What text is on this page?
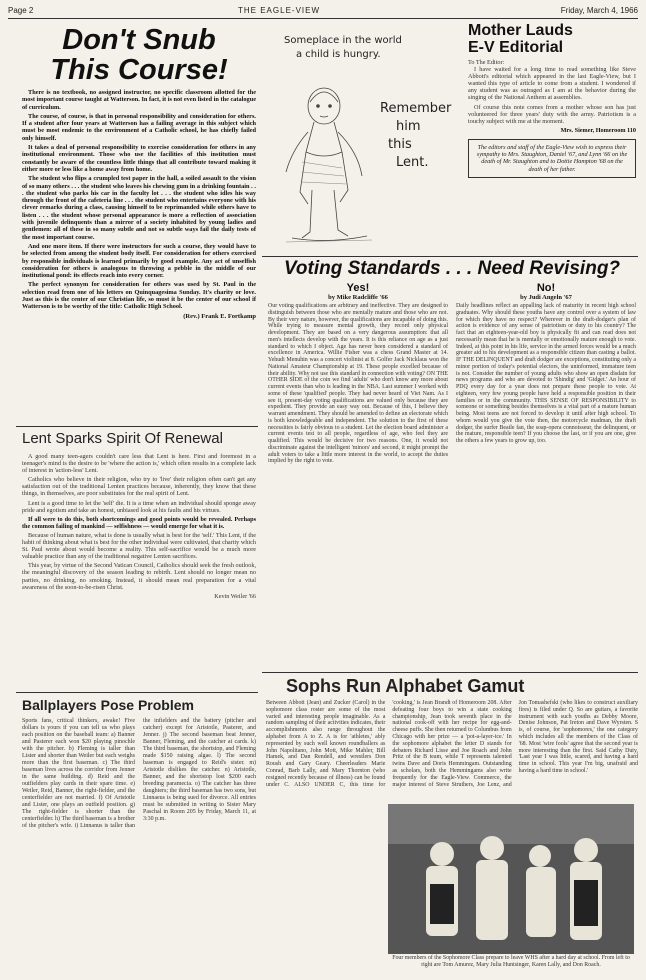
Page 2	THE EAGLE-VIEW	Friday, March 4, 1966
Don't Snub
This Course!

There is no textbook, no assigned instructor, no specific classroom allotted for the most important course taught at Watterson. In fact, it is not even listed in the catalogue of curriculum.

The course, of course, is that in personal responsibility and consideration for others. If a student after four years at Watterson has a failing average in this subject which must be most endemic to the environment of a Catholic school, he has chiefly failed only himself.

It takes a deal of personal responsibility to exercise consideration for others in any institutional environment. Those who use the facilities of this institution must constantly be aware of the countless little things that all contribute toward making it either more or less like a home away from home.

The student who flips a crumpled test paper in the hall, a soiled assault to the vision of so many others . . . the student who leaves his chewing gum in a drinking fountain . . . the student who parks his car in the faculty lot . . . the student who idles his way through the front of the cafeteria line . . . the student who entertains everyone with his clever remarks during a class, causing himself to be reprimanded while others have to listen . . . the student whose personal appearance is more a reflection of association with juvenile delinquents than a mirror of a society inhabited by young ladies and gentlemen: all of these in so many subtle and not so subtle ways fail the daily tests of the most important course.

And one more item. If there were instructors for such a course, they would have to be selected from among the student body itself. For consideration for others exercised by responsible individuals is learned primarily by good example. Any act of unselfish consideration for others is analogous to throwing a pebble in the middle of our institutional pond: its effects reach into every corner.

The perfect synonym for consideration for others was used by St. Paul in the selection read from one of his letters on Quinquagesima Sunday. It's charity or love. Just as this is the center of our Christian life, so must it be the center of our school if Watterson is to be worthy of the title: Catholic High School.

(Rev.) Frank E. Fortkamp
Someplace in the world
a child is hungry.
Remember
him
this
Lent.
Mother Lauds
E-V Editorial
To The Editor:

I have waited for a long time to read something like Steve Abbott's editorial which appeared in the last Eagle-View, but I wanted this type of article to come from a student. I wondered if any student was as outraged as I am at the behavior during the singing of the National Anthem at assemblies.

Of course this note comes from a mother whose son has just volunteered for three years' duty with the army. Patriotism is a touchy subject with me at the moment.

Mrs. Siemer, Homeroom 110
The editors and staff of the Eagle-View wish to express their sympathy to Mrs. Staughton, Daniel '67, and Lynn '66 on the death of Mr. Staughton and to Dottie Hampton '68 on the death of her father.
Voting Standards . . . Need Revising?
Yes!
by Mike Radcliffe '66
Our voting qualifications are arbitrary and ineffective. They are designed to distinguish between those who are mentally mature and those who are not. By their very nature, however, the qualifications are incapable of doing this. While trying to measure mental growth, they record only physical development. They are based on a very dangerous assumption: that all men's intellects develop with the years. It is this reliance on age as a just standard to which I object. Age has never been considered a standard of excellence in America. Willie Fisher was a chess Grand Master at 14. Yehudi Menuhin was a concert violinist at 8. Golfer Jack Nicklaus won the National Amateur Championship at 19. These people excelled because of their ability. Why not use this standard in connection with voting? ON THE OTHER SIDE of the coin we find 'adults' who don't know any more about current events than who is leading in the NBA. Last summer I worked with some of these 'qualified' people. They had never heard of Viet Nam. As I see it, present-day voting qualifications are valued only because they are expedient. They provide an easy way out. Because of this, I believe they warrant amendment. They should be amended to define an electorate which is both knowledgeable and independent. The solution to the first of these necessities is fairly obvious to a student. Let the election board administer a current events test to all people, regardless of age, who feel they are qualified. This would be decisive for two reasons. One, it would not discriminate against the intelligent 'minors' and second, it might prompt the adult voters to take a little more interest in the world, to accept the duties implied by the right to vote.
No!
by Judi Angeln '67
Daily headlines reflect an appalling lack of maturity in recent high school graduates. Why should these youths have any control over a system of law for which they have no respect? Wherever in the draft-dodger's plan of action is evidence of any sense of patriotism or duty to his country? The fact that an eighteen-year-old boy is physically fit and can read does not necessarily mean that he is mentally or emotionally mature enough to vote. Indeed, at this point in his life, service in the armed forces would be a much greater aid to his development as a responsible citizen than casting a ballot. IF THE DELINQUENT and draft dodger are exceptions, constituting only a minor portion of today's potential electors, the uninformed, immature teen is not. Consider the number of young adults who show an open disdain for news programs and who are devoted to 'Shindig' and 'Gidget.' An hour of PDQ every day for a year does not prepare these people to vote. At eighteen, very few young people have held a responsible position in their families or in the community. THIS SENSE OF RESPONSIBILITY to someone or something besides themselves is a vital part of a mature human being. Most teens are not forced to develop it until after high school. To whom would you give the vote then, the motorcycle madman, the draft dodger, the surfer Beatle fan, the soap-opera connoisseur, the delinquent, or the mature, responsible teen? If you choose the last, or if you are one, give the others a few years to grow up, too.
Lent Sparks Spirit Of Renewal

A good many teen-agers couldn't care less that Lent is here. First and foremost in a teenager's mind is the desire to be 'where the action is,' which often results in a complete lack of interest in 'action-less' Lent.

Catholics who believe in their religion, who try to 'live' their religion often can't get any satisfaction out of the traditional Lenten practices because, inherently, they know that these things, in themselves, are poor substitutes for the real spirit of Lent.

Lent is a good time to let the 'self' die. It is a time when an individual should sponge away pride and egotism and take an honest, unbiased look at his faults and his virtues.

If all were to do this, both shortcomings and good points would be revealed. Perhaps the common failing of mankind — selfishness — would emerge for what it is.

Because of human nature, what is done is usually what is best for the 'self.' This Lent, if the habit of thinking about what is best for the other individual were cultivated, that charity which St. Paul wrote about would become a reality. This self-sacrifice would be a much more valuable practice than any of the traditional negative Lenten sacrifices.

This year, by virtue of the Second Vatican Council, Catholics should seek the fresh outlook, the meaningful discovery of the season leading to rebirth. Lent should no longer mean no parties, no drinking, no smoking. Instead, it should mean real preparation for a vital awareness of the soon-to-be-risen Christ.

Kevin Weiler '66
Ballplayers Pose Problem
Sports fans, critical thinkers, awake! Five dollars is yours if you can tell us who plays each position on the baseball team: a) Banner and Pasterer each won $20 playing pinochle with the pitcher. b) Fleming is taller than Lister and shorter than Weiler but each weighs more than the first baseman. c) The third baseman lives across the corridor from Jenner in the same building. d) Reid and the outfielders play cards in their spare time. e) Weiler, Reid, Banner, the right-fielder, and the centerfielder are not married. f) Of Aristotle and Lister, one plays an outfield position. g) The right-fielder is shorter than the centerfielder. h) The third baseman is a brother of the pitcher's wife. i) Linnanus is taller than the infielders and the battery (pitcher and catcher) except for Aristotle, Pasterer, and Jenner. j) The second baseman beat Jenner, Banner, Fleming, and the catcher at cards. k) The third baseman, the shortstop, and Fleming made $150 raising algae. l) The second baseman is engaged to Reid's sister. m) Aristotle dislikes the catcher. n) Aristotle, Banner, and the shortstop lost $200 each breeding paramecia. o) The catcher has three daughters; the third baseman has two sons, but Linnaeus is being sued for divorce. All entries must be submitted in writing to Sister Mary Paschal in Room 205 by Friday, March 11, at 3:30 p.m.
Sophs Run Alphabet Gamut
Between Abbott (Jean) and Zucker (Carol) in the sophomore class roster are some of the most varied and interesting people imaginable. As a random sampling of their activities indicates, their accomplishments also range throughout the alphabet from A to Z. A is for 'athletes,' ably represented by such well known roundballers as John Napolitano, John Mott, Mike Mahler, Bill Hamek, and Dan Rendell, and wrestlers Don Roush and Gary Geary. Cheerleaders Marie Conrad, Barb Lally, and Mary Thornton (who resigned recently because of illness) can be found under C. ALSO UNDER C, this time for 'cooking,' is Jean Brandt of Homeroom 208. After defeating four boys to win a state cooking championship, Jean took seventh place in the national cook-off with her recipe for egg-and-cheese puffs. She then returned to Columbus from Chicago with her prize — a 'pot-a-layer-ice.' In the sophomore alphabet the letter D stands for debaters Richard Lisse and Joe Roach and John Pritz of the B team, while T represents talented twins Dave and Doris Hemmingam. Outstanding as scholars, both the Hemmingams also write frequently for the Eagle-View. Commerce, the major interest of Steve Struthers, Joe Lenz, and Jon Tomashefski (who likes to construct auxiliary fires) is filed under Q. So are guitars, a favorite instrument with such youths as Debby Moore, Denise Johnson, Pat Ireton and Dave Wyrsten. S is, of course, for 'sophomores,' the one category which includes all the members of the Class of '68. Most 'wire fools' agree that the second year is more interesting than the first. Said Cathy Duty, 'Last year I was little, scared, and having a hard time in school. This year I'm big, unafraid and having a hard time in school.'
Four members of the Sophomore Class prepare to leave WHS after a hard day at school. From left to right are Tom Amurez, Mary Julia Huntsinger, Karen Lally, and Don Roach.
